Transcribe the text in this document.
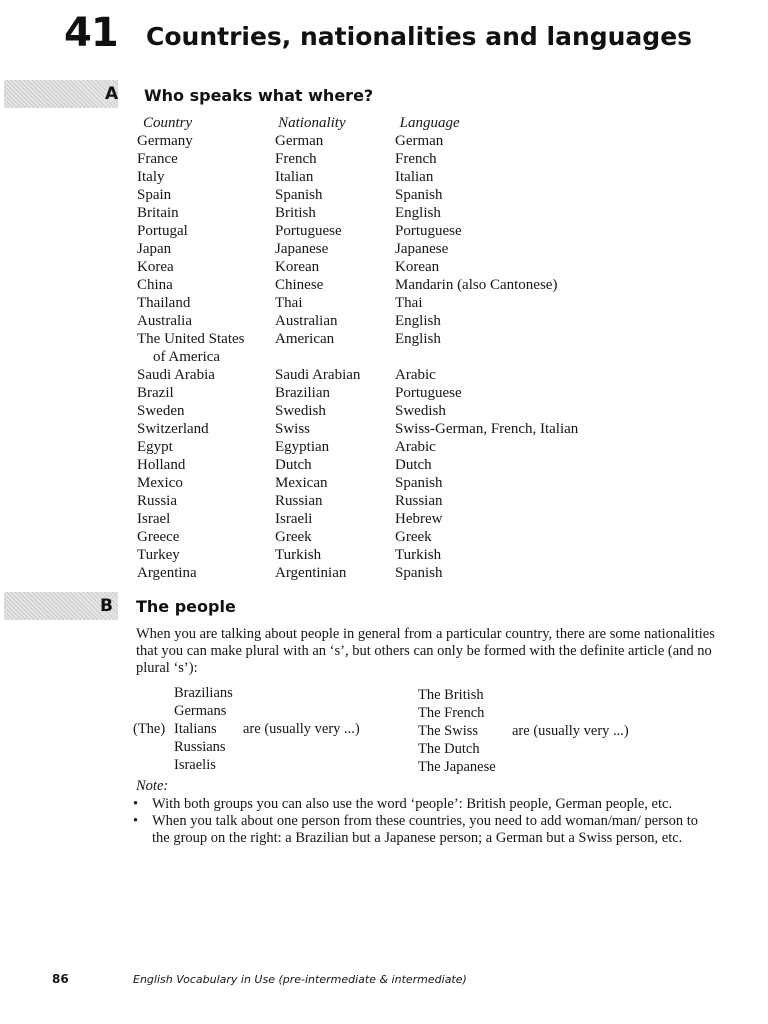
41 Countries, nationalities and languages
A Who speaks what where?
Country	Nationality	Language
Germany	German	German
France	French	French
Italy	Italian	Italian
Spain	Spanish	Spanish
Britain	British	English
Portugal	Portuguese	Portuguese
Japan	Japanese	Japanese
Korea	Korean	Korean
China	Chinese	Mandarin (also Cantonese)
Thailand	Thai	Thai
Australia	Australian	English
The United States	American	English
of America
Saudi Arabia	Saudi Arabian	Arabic
Brazil	Brazilian	Portuguese
Sweden	Swedish	Swedish
Switzerland	Swiss	Swiss-German, French, Italian
Egypt	Egyptian	Arabic
Holland	Dutch	Dutch
Mexico	Mexican	Spanish
Russia	Russian	Russian
Israel	Israeli	Hebrew
Greece	Greek	Greek
Turkey	Turkish	Turkish
Argentina	Argentinian	Spanish
B The people
When you are talking about people in general from a particular country, there are some nationalities that you can make plural with an ‘s’, but others can only be formed with the definite article (and no plural ‘s’):
(The)
Brazilians
Germans
Italians
Russians
Israelis
are (usually very ...)
The British
The French
The Swiss
The Dutch
The Japanese
are (usually very ...)
Note:
• With both groups you can also use the word ‘people’: British people, German people, etc.
• When you talk about one person from these countries, you need to add woman/man/ person to the group on the right: a Brazilian but a Japanese person; a German but a Swiss person, etc.
86	English Vocabulary in Use (pre-intermediate & intermediate)
